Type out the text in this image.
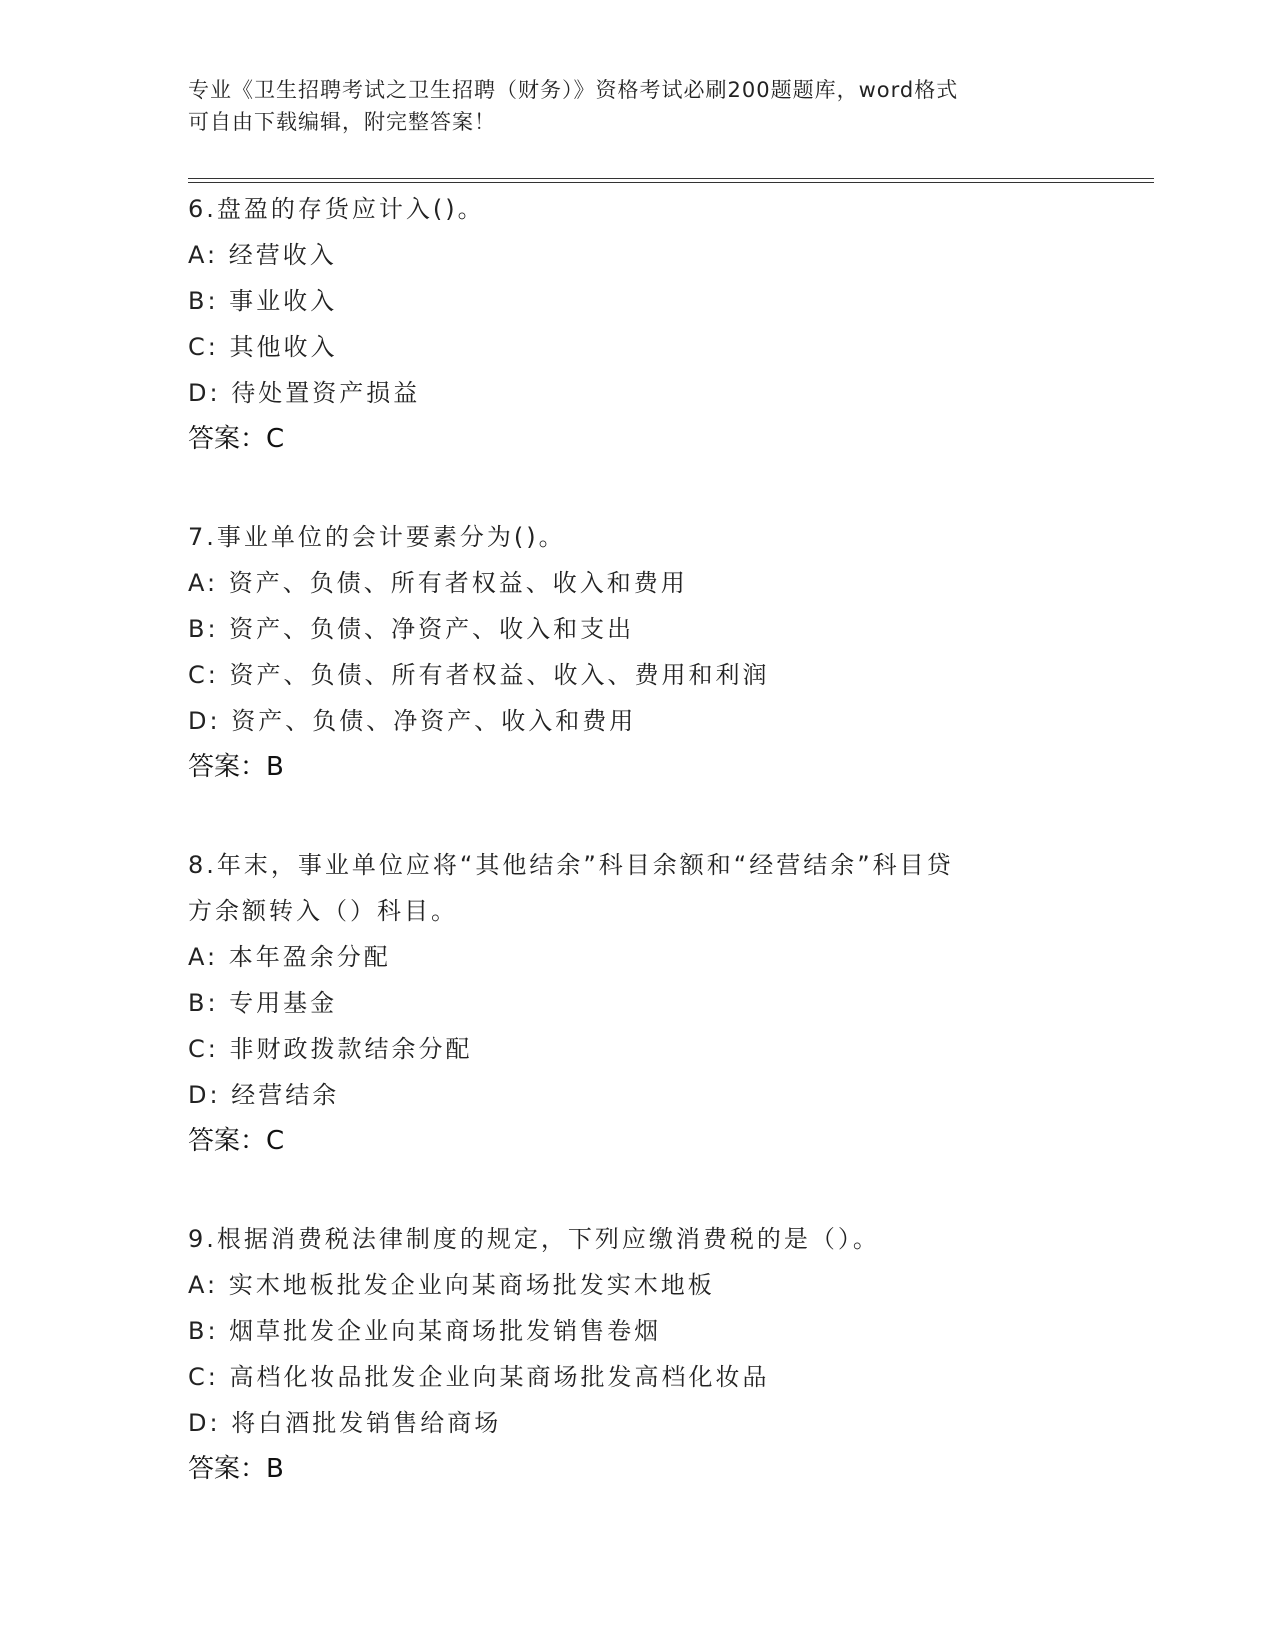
专业《卫生招聘考试之卫生招聘（财务）》资格考试必刷200题题库，word格式
可自由下载编辑，附完整答案！
6.盘盈的存货应计入()。
A: 经营收入
B: 事业收入
C: 其他收入
D: 待处置资产损益
答案：C
7.事业单位的会计要素分为()。
A: 资产、负债、所有者权益、收入和费用
B: 资产、负债、净资产、收入和支出
C: 资产、负债、所有者权益、收入、费用和利润
D: 资产、负债、净资产、收入和费用
答案：B
8.年末，事业单位应将“其他结余”科目余额和“经营结余”科目贷
方余额转入（）科目。
A: 本年盈余分配
B: 专用基金
C: 非财政拨款结余分配
D: 经营结余
答案：C
9.根据消费税法律制度的规定，下列应缴消费税的是（）。
A: 实木地板批发企业向某商场批发实木地板
B: 烟草批发企业向某商场批发销售卷烟
C: 高档化妆品批发企业向某商场批发高档化妆品
D: 将白酒批发销售给商场
答案：B
